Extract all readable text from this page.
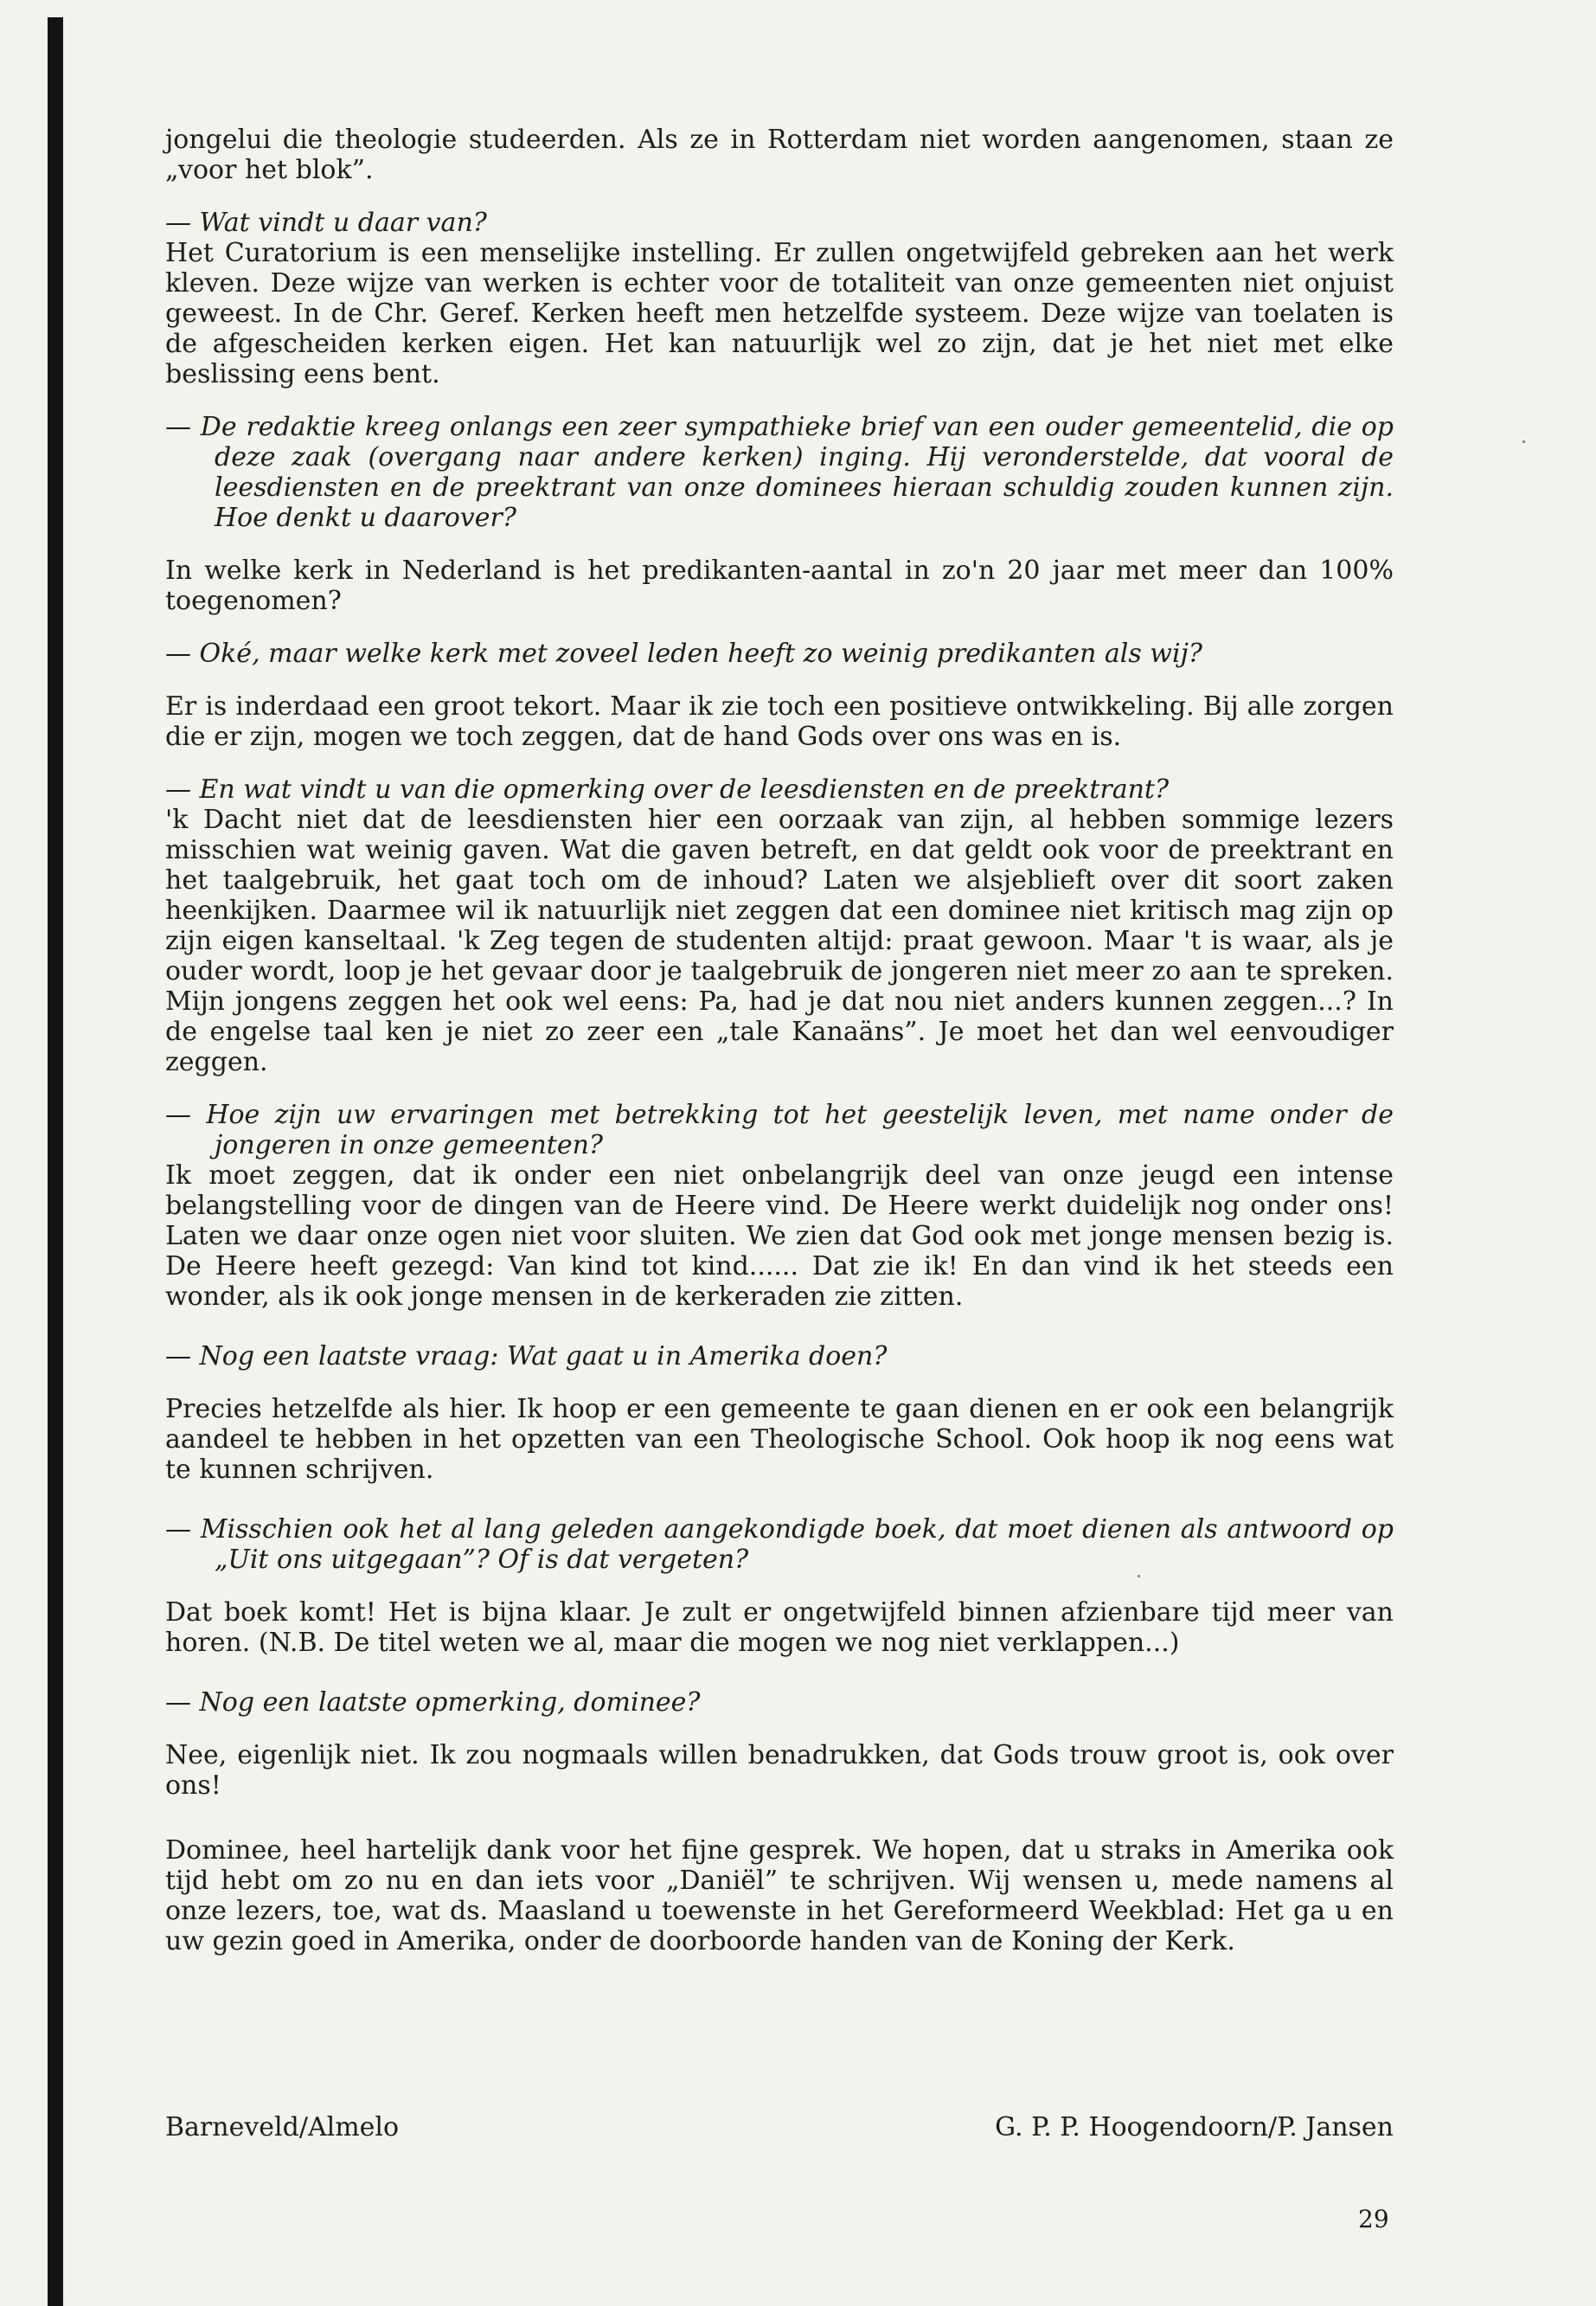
jongelui die theologie studeerden. Als ze in Rotterdam niet worden aangenomen, staan ze „voor het blok”.

— Wat vindt u daar van?

Het Curatorium is een menselijke instelling. Er zullen ongetwijfeld gebreken aan het werk kleven. Deze wijze van werken is echter voor de totaliteit van onze gemeenten niet onjuist geweest. In de Chr. Geref. Kerken heeft men hetzelfde systeem. Deze wijze van toelaten is de afgescheiden kerken eigen. Het kan natuurlijk wel zo zijn, dat je het niet met elke beslissing eens bent.

— De redaktie kreeg onlangs een zeer sympathieke brief van een ouder gemeentelid, die op deze zaak (overgang naar andere kerken) inging. Hij veronderstelde, dat vooral de leesdiensten en de preektrant van onze dominees hieraan schuldig zouden kunnen zijn. Hoe denkt u daarover?

In welke kerk in Nederland is het predikanten-aantal in zo'n 20 jaar met meer dan 100% toegenomen?

— Oké, maar welke kerk met zoveel leden heeft zo weinig predikanten als wij?

Er is inderdaad een groot tekort. Maar ik zie toch een positieve ontwikkeling. Bij alle zorgen die er zijn, mogen we toch zeggen, dat de hand Gods over ons was en is.

— En wat vindt u van die opmerking over de leesdiensten en de preektrant?

'k Dacht niet dat de leesdiensten hier een oorzaak van zijn, al hebben sommige lezers misschien wat weinig gaven. Wat die gaven betreft, en dat geldt ook voor de preektrant en het taalgebruik, het gaat toch om de inhoud? Laten we alsjeblieft over dit soort zaken heenkijken. Daarmee wil ik natuurlijk niet zeggen dat een dominee niet kritisch mag zijn op zijn eigen kanseltaal. 'k Zeg tegen de studenten altijd: praat gewoon. Maar 't is waar, als je ouder wordt, loop je het gevaar door je taalgebruik de jongeren niet meer zo aan te spreken. Mijn jongens zeggen het ook wel eens: Pa, had je dat nou niet anders kunnen zeggen...? In de engelse taal ken je niet zo zeer een „tale Kanaäns”. Je moet het dan wel eenvoudiger zeggen.

— Hoe zijn uw ervaringen met betrekking tot het geestelijk leven, met name onder de jongeren in onze gemeenten?

Ik moet zeggen, dat ik onder een niet onbelangrijk deel van onze jeugd een intense belangstelling voor de dingen van de Heere vind. De Heere werkt duidelijk nog onder ons! Laten we daar onze ogen niet voor sluiten. We zien dat God ook met jonge mensen bezig is. De Heere heeft gezegd: Van kind tot kind...... Dat zie ik! En dan vind ik het steeds een wonder, als ik ook jonge mensen in de kerkeraden zie zitten.

— Nog een laatste vraag: Wat gaat u in Amerika doen?

Precies hetzelfde als hier. Ik hoop er een gemeente te gaan dienen en er ook een belangrijk aandeel te hebben in het opzetten van een Theologische School. Ook hoop ik nog eens wat te kunnen schrijven.

— Misschien ook het al lang geleden aangekondigde boek, dat moet dienen als antwoord op „Uit ons uitgegaan”? Of is dat vergeten?

Dat boek komt! Het is bijna klaar. Je zult er ongetwijfeld binnen afzienbare tijd meer van horen. (N.B. De titel weten we al, maar die mogen we nog niet verklappen...)

— Nog een laatste opmerking, dominee?

Nee, eigenlijk niet. Ik zou nogmaals willen benadrukken, dat Gods trouw groot is, ook over ons!

Dominee, heel hartelijk dank voor het fijne gesprek. We hopen, dat u straks in Amerika ook tijd hebt om zo nu en dan iets voor „Daniël” te schrijven. Wij wensen u, mede namens al onze lezers, toe, wat ds. Maasland u toewenste in het Gereformeerd Weekblad: Het ga u en uw gezin goed in Amerika, onder de doorboorde handen van de Koning der Kerk.

Barneveld/Almelo	G. P. P. Hoogendoorn/P. Jansen
29
